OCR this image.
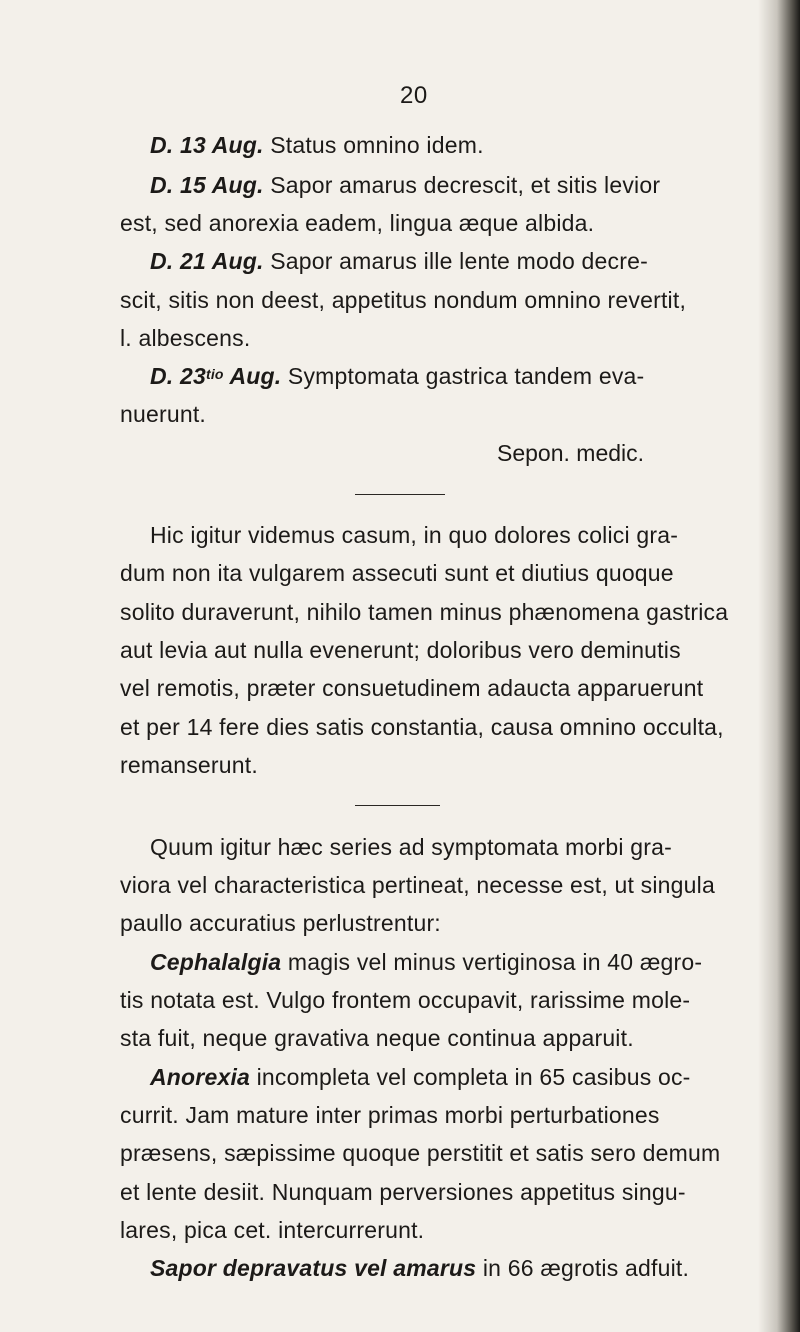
20
D. 13 Aug. Status omnino idem.
D. 15 Aug. Sapor amarus decrescit, et sitis levior
est, sed anorexia eadem, lingua æque albida.
D. 21 Aug. Sapor amarus ille lente modo decre-
scit, sitis non deest, appetitus nondum omnino revertit,
l. albescens.
D. $23^{tio}$ Aug. Symptomata gastrica tandem eva-
nuerunt.
Sepon. medic.
Hic igitur videmus casum, in quo dolores colici gra-
dum non ita vulgarem assecuti sunt et diutius quoque
solito duraverunt, nihilo tamen minus phænomena gastrica
aut levia aut nulla evenerunt; doloribus vero deminutis
vel remotis, præter consuetudinem adaucta apparuerunt
et per 14 fere dies satis constantia, causa omnino occulta,
remanserunt.
Quum igitur hæc series ad symptomata morbi gra-
viora vel characteristica pertineat, necesse est, ut singula
paullo accuratius perlustrentur:
Cephalalgia magis vel minus vertiginosa in 40 ægro-
tis notata est. Vulgo frontem occupavit, rarissime mole-
sta fuit, neque gravativa neque continua apparuit.
Anorexia incompleta vel completa in 65 casibus oc-
currit. Jam mature inter primas morbi perturbationes
præsens, sæpissime quoque perstitit et satis sero demum
et lente desiit. Nunquam perversiones appetitus singu-
lares, pica cet. intercurrerunt.
Sapor depravatus vel amarus in 66 ægrotis adfuit.
